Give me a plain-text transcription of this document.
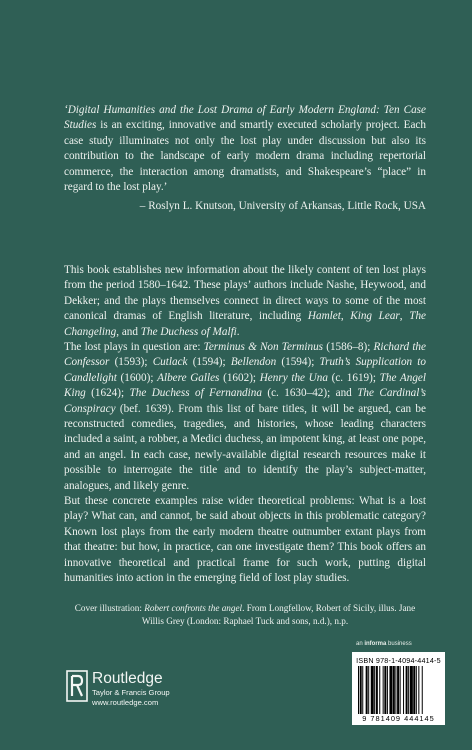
‘Digital Humanities and the Lost Drama of Early Modern England: Ten Case Studies is an exciting, innovative and smartly executed scholarly project. Each case study illuminates not only the lost play under discussion but also its contribution to the landscape of early modern drama including repertorial commerce, the interaction among dramatists, and Shakespeare’s “place” in regard to the lost play.’
– Roslyn L. Knutson, University of Arkansas, Little Rock, USA
This book establishes new information about the likely content of ten lost plays from the period 1580–1642. These plays’ authors include Nashe, Heywood, and Dekker; and the plays themselves connect in direct ways to some of the most canonical dramas of English literature, including Hamlet, King Lear, The Changeling, and The Duchess of Malfi.
The lost plays in question are: Terminus & Non Terminus (1586–8); Richard the Confessor (1593); Cutlack (1594); Bellendon (1594); Truth’s Supplication to Candlelight (1600); Albere Galles (1602); Henry the Una (c. 1619); The Angel King (1624); The Duchess of Fernandina (c. 1630–42); and The Cardinal’s Conspiracy (bef. 1639). From this list of bare titles, it will be argued, can be reconstructed comedies, tragedies, and histories, whose leading characters included a saint, a robber, a Medici duchess, an impotent king, at least one pope, and an angel. In each case, newly-available digital research resources make it possible to interrogate the title and to identify the play’s subject-matter, analogues, and likely genre.
But these concrete examples raise wider theoretical problems: What is a lost play? What can, and cannot, be said about objects in this problematic category? Known lost plays from the early modern theatre outnumber extant plays from that theatre: but how, in practice, can one investigate them? This book offers an innovative theoretical and practical frame for such work, putting digital humanities into action in the emerging field of lost play studies.
Cover illustration: Robert confronts the angel. From Longfellow, Robert of Sicily, illus. Jane Willis Grey (London: Raphael Tuck and sons, n.d.), n.p.
an informa business
ISBN 978-1-4094-4414-5
9 781409 444145
Routledge
Taylor & Francis Group
www.routledge.com
